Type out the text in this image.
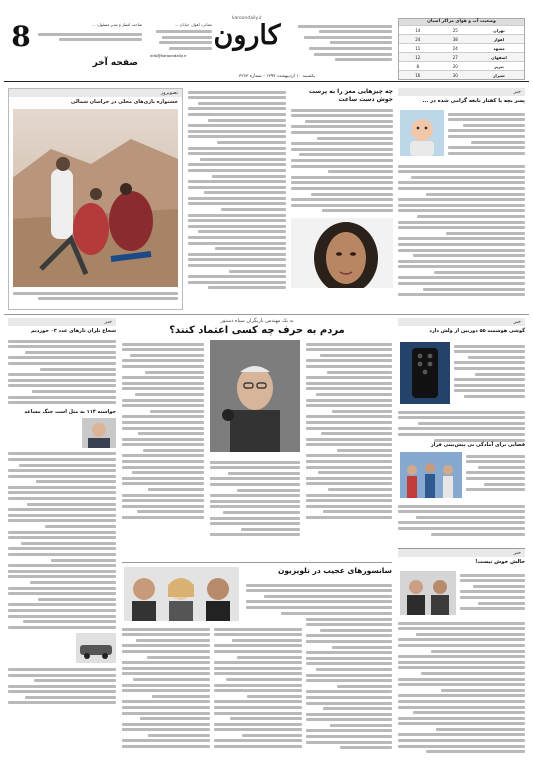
وضعیت آب و هوای مراکز استان
تهران
25
14
اهواز
38
24
مشهد
24
11
اصفهان
27
12
تبریز
20
8
شیراز
30
16
karoondaily.ir
کارون
نشانی: اهواز، خیابان ...
info@karoondaily.ir
8	صاحب امتیاز و مدیر مسئول: ...
صفحه آخر
یکشنبه ۱۰ اردیبهشت ۱۳۹۷ - شماره ۳۲۸۳
تصویروز
جشنواره بازی‌های محلی در خراسان شمالی
چه چیزهایی مغز را به پرست
جوش دست ساعت
خبر
پسر بچه یا کفتار نابغه گرامی شده در ...
خبر
شجاع تلران تارهای عدد ۰۳ خوردیم
خواسته ۱۱۴ به مثل است جنگ مساعد
به یک مهندس بازیگران سیاه دستور
مردم به حرف چه کسی اعتماد کنند؟
خبر
گوشی هوشمند ۵۵ دوربین از ولش دارد
قضایی برای آمادگی بی پیش‌بینی فراز
سانسورهای عجیب در تلویزیون
خبر
حالش خوش نیست!
